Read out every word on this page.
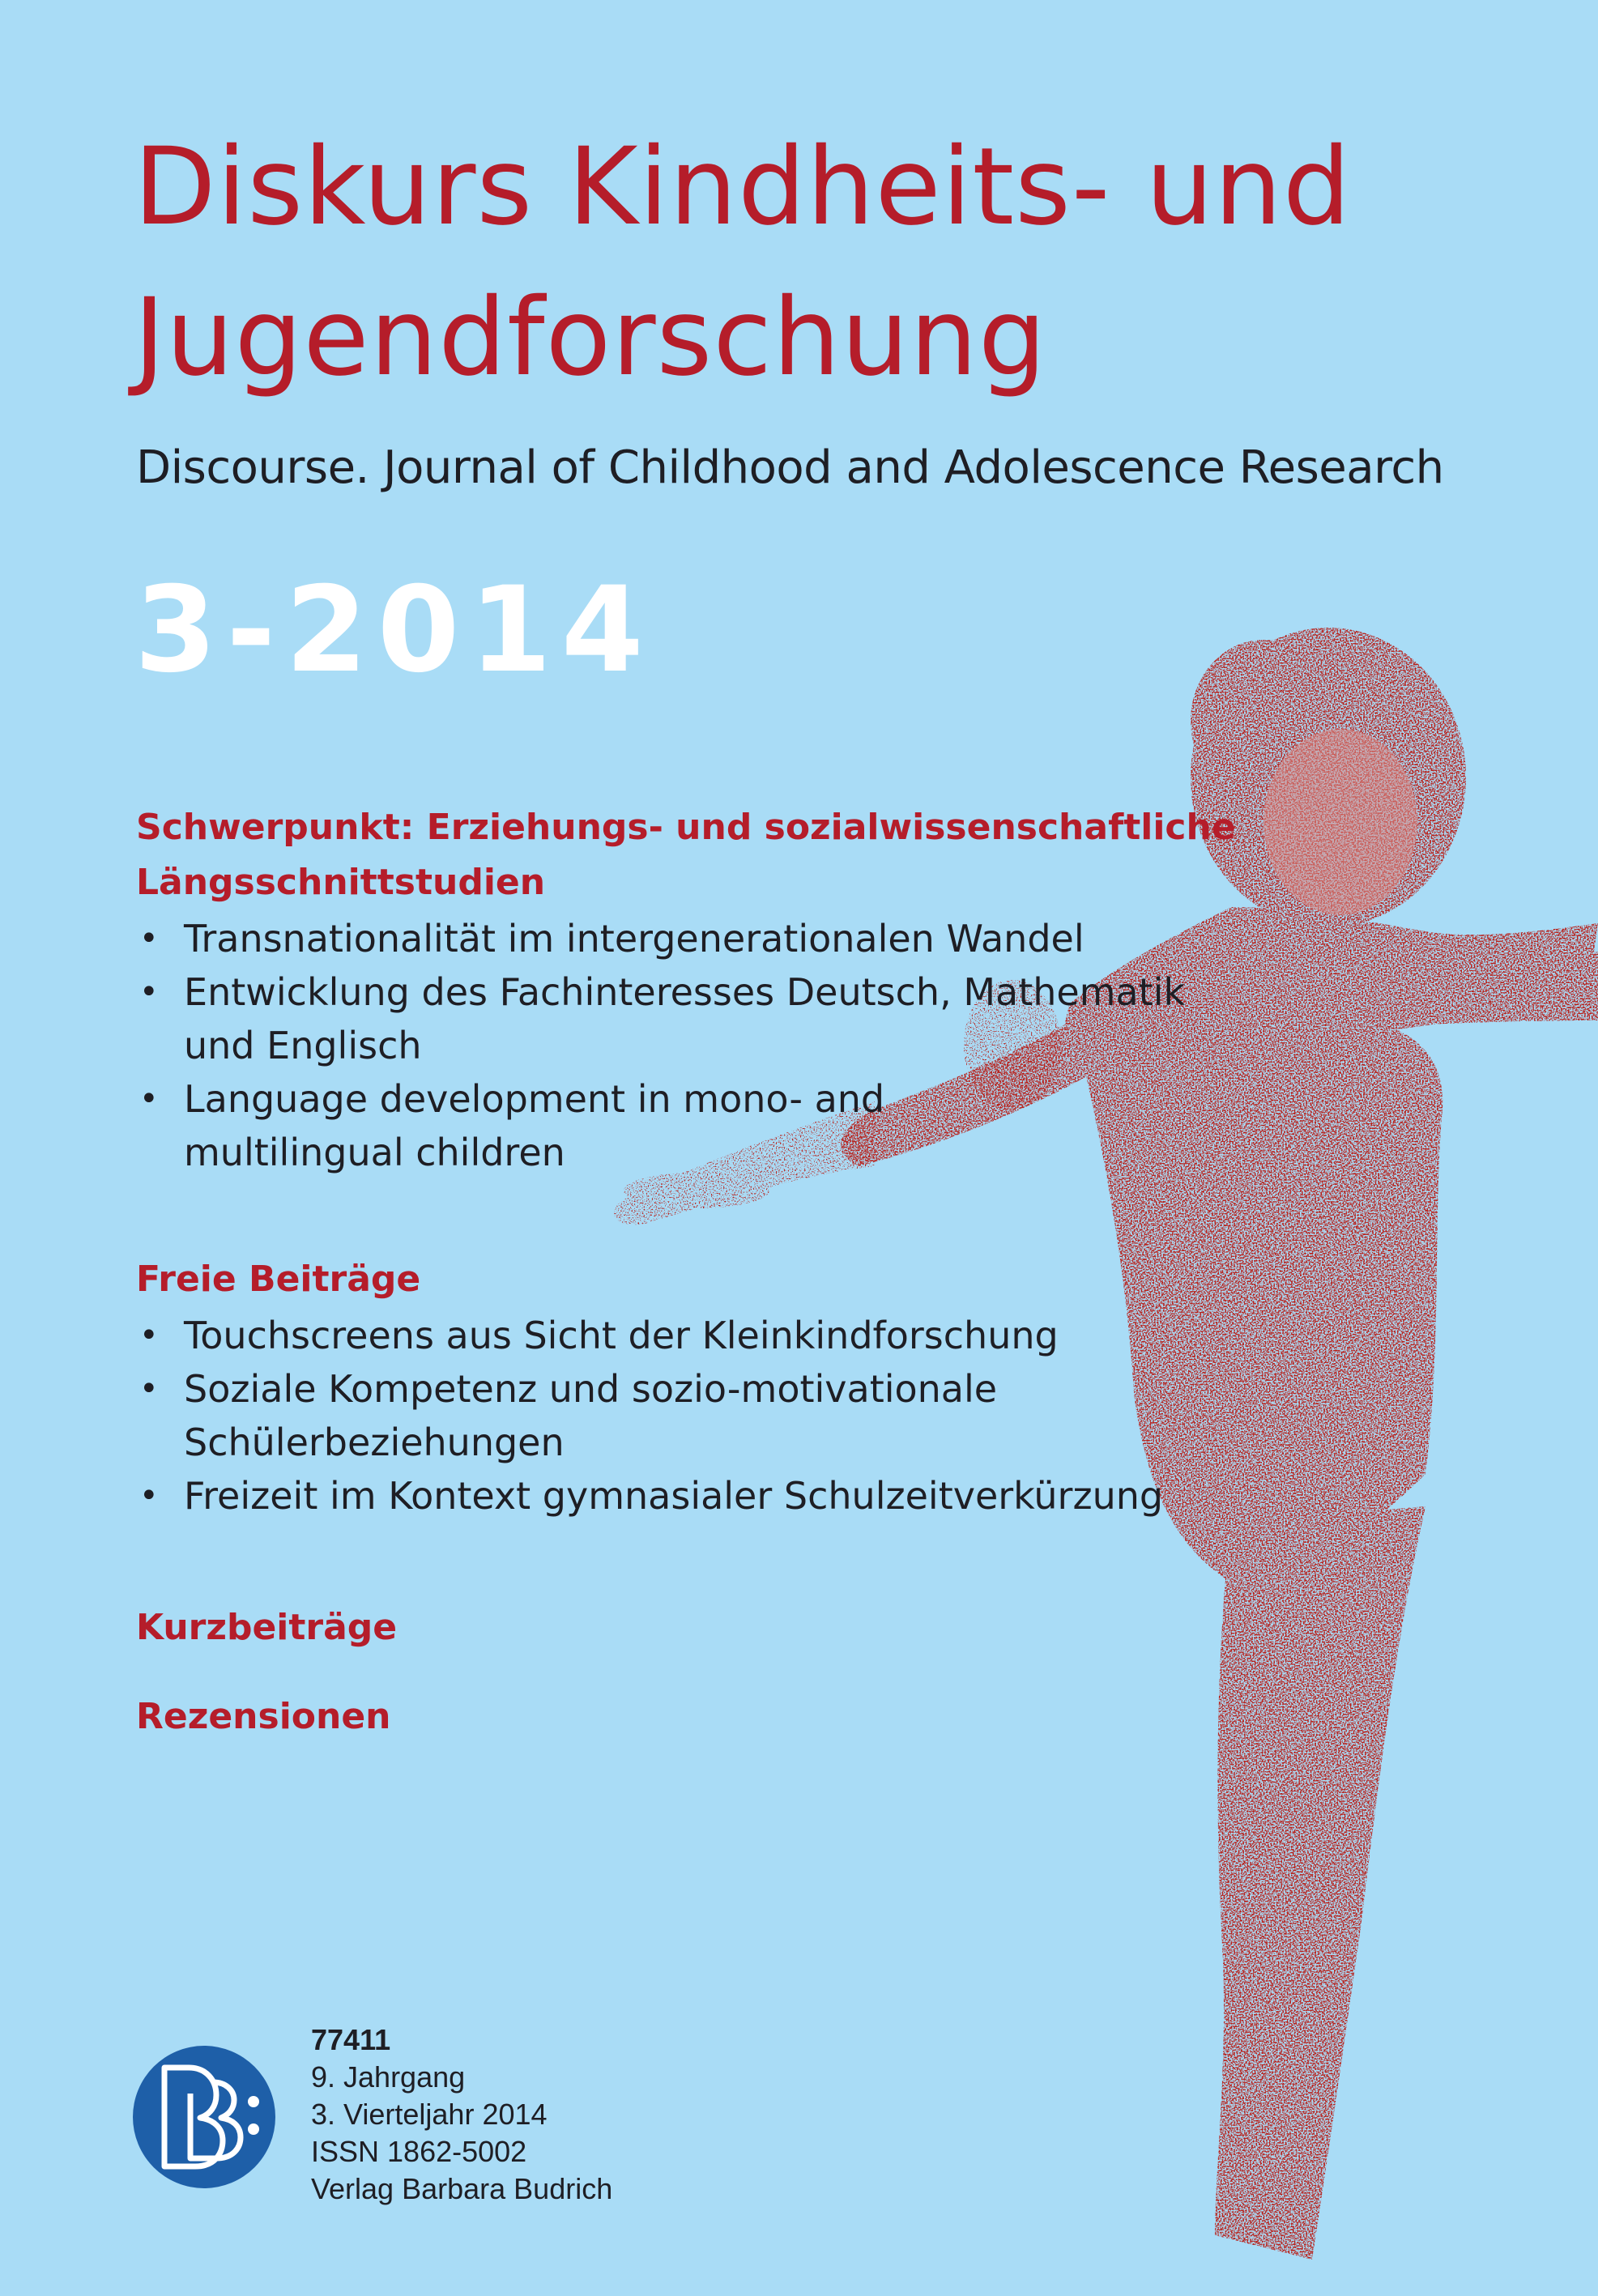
Diskurs Kindheits- und
Jugendforschung

Discourse. Journal of Childhood and Adolescence Research

3-2014

Schwerpunkt: Erziehungs- und sozialwissenschaftliche
Längsschnittstudien
• Transnationalität im intergenerationalen Wandel
• Entwicklung des Fachinteresses Deutsch, Mathematik
und Englisch
• Language development in mono- and
multilingual children
Freie Beiträge
• Touchscreens aus Sicht der Kleinkindforschung
• Soziale Kompetenz und sozio-motivationale
Schülerbeziehungen
• Freizeit im Kontext gymnasialer Schulzeitverkürzung
Kurzbeiträge
Rezensionen
77411
9. Jahrgang
3. Vierteljahr 2014
ISSN 1862-5002
Verlag Barbara Budrich
